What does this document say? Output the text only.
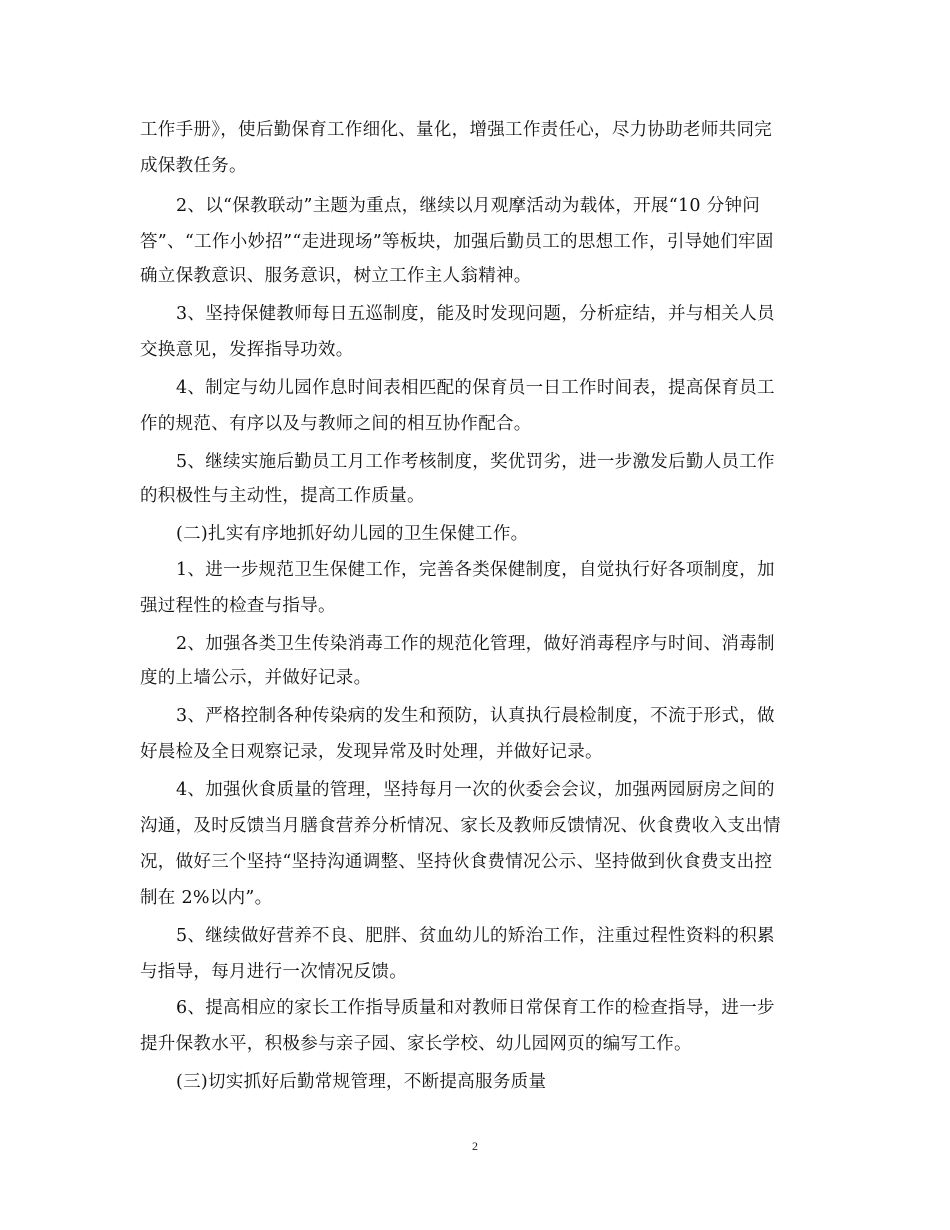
工作手册》，使后勤保育工作细化、量化，增强工作责任心，尽力协助老师共同完
成保教任务。
2、以“保教联动”主题为重点，继续以月观摩活动为载体，开展“10 分钟问
答”、“工作小妙招”“走进现场”等板块，加强后勤员工的思想工作，引导她们牢固
确立保教意识、服务意识，树立工作主人翁精神。
3、坚持保健教师每日五巡制度，能及时发现问题，分析症结，并与相关人员
交换意见，发挥指导功效。
4、制定与幼儿园作息时间表相匹配的保育员一日工作时间表，提高保育员工
作的规范、有序以及与教师之间的相互协作配合。
5、继续实施后勤员工月工作考核制度，奖优罚劣，进一步激发后勤人员工作
的积极性与主动性，提高工作质量。
(二)扎实有序地抓好幼儿园的卫生保健工作。
1、进一步规范卫生保健工作，完善各类保健制度，自觉执行好各项制度，加
强过程性的检查与指导。
2、加强各类卫生传染消毒工作的规范化管理，做好消毒程序与时间、消毒制
度的上墙公示，并做好记录。
3、严格控制各种传染病的发生和预防，认真执行晨检制度，不流于形式，做
好晨检及全日观察记录，发现异常及时处理，并做好记录。
4、加强伙食质量的管理，坚持每月一次的伙委会会议，加强两园厨房之间的
沟通，及时反馈当月膳食营养分析情况、家长及教师反馈情况、伙食费收入支出情
况，做好三个坚持“坚持沟通调整、坚持伙食费情况公示、坚持做到伙食费支出控
制在 2%以内”。
5、继续做好营养不良、肥胖、贫血幼儿的矫治工作，注重过程性资料的积累
与指导，每月进行一次情况反馈。
6、提高相应的家长工作指导质量和对教师日常保育工作的检查指导，进一步
提升保教水平，积极参与亲子园、家长学校、幼儿园网页的编写工作。
(三)切实抓好后勤常规管理，不断提高服务质量
2
